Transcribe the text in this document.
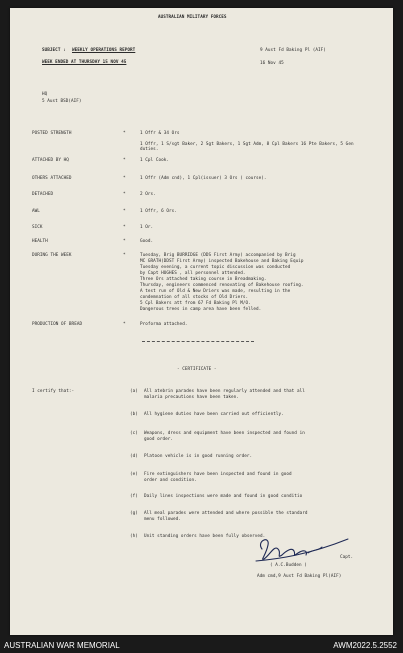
AUSTRALIAN MILITARY FORCES
SUBJECT : WEEKLY OPERATIONS REPORT
WEEK ENDED AT THURSDAY 15 NOV 45
9 Aust Fd Baking Pl (AIF)
16 Nov 45
HQ
5 Aust BSD(AIF)
POSTED STRENGTH	*	1 Offr & 34 Ors
1 Offr, 1 S/sgt Baker, 2 Sgt Bakers, 1 Sgt Adm, 8 Cpl Bakers 16 Pte Bakers, 5 Gen duties.
ATTACHED BY HQ	*	1 Cpl Cook.
OTHERS ATTACHED	*	1 Offr (Adm cnd), 1 Cpl(issuer) 3 Ors ( course).
DETACHED	*	2 Ors.
AWL	*	1 Offr, 6 Ors.
SICK	*	1 Or.
HEALTH	*	Good.
DURING THE WEEK	*	Tuesday, Brig BURRIDGE (DDS First Army) accompanied by Brig
MC GRATH(DDST First Army) inspected Bakehouse and Baking Equip
Tuesday evening, a current topic discussion was conducted
by Capt HUGHES , all personnel attended.
Three Ors attached taking course in Breadmaking.
Thursday, engineers commenced renovating of Bakehouse roofing.
A test run of Old & New Driers was made, resulting in the
condemnation of all stocks of Old Driers.
5 Cpl Bakers att from 67 Fd Baking Pl M/O.
Dangerous trees in camp area have been felled.
PRODUCTION OF BREAD	*	Proforma attached.
- CERTIFICATE -
I certify that:-	(a) All atebrin parades have been regularly attended and that all
malaria precautions have been taken.
(b) All hygiene duties have been carried out efficiently.
(c) Weapons, dress and equipment have been inspected and found in
good order.
(d) Platoon vehicle is in good running order.
(e) Fire extinguishers have been inspected and found in good
order and condition.
(f) Daily lines inspections were made and found in good conditio
(g) All meal parades were attended and where possible the standard
menu followed.
(h) Unit standing orders have been fully observed.
Capt.
( A.C.Budden )
Adm cmd,9 Aust Fd Baking Pl(AIF)
AUSTRALIAN WAR MEMORIAL	AWM2022.5.2552
